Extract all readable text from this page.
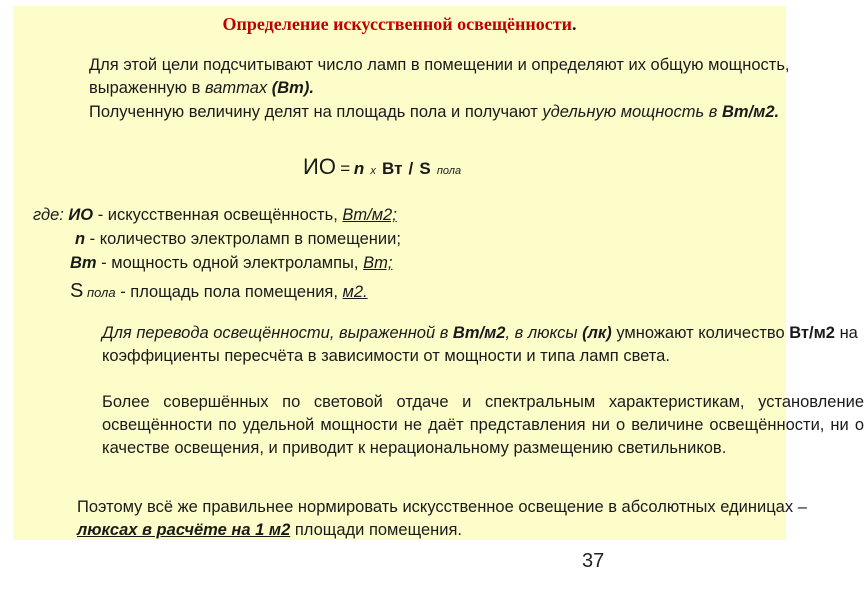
Определение искусственной освещённости.

Для этой цели подсчитывают число ламп в помещении и определяют их общую мощность, выраженную в ваттах (Вт).

Полученную величину делят на площадь пола и получают удельную мощность в Вт/м2.

ИО = n х Вт / S пола
где: ИО - искусственная освещённость, Вт/м2;
n - количество электроламп в помещении;
Вт - мощность одной электролампы, Вт;
S пола - площадь пола помещения, м2.

Для перевода освещённости, выраженной в Вт/м2, в люксы (лк) умножают количество Вт/м2 на коэффициенты пересчёта в зависимости от мощности и типа ламп света.

Более совершённых по световой отдаче и спектральным характеристикам, установление освещённости по удельной мощности не даёт представления ни о величине освещённости, ни о качестве освещения, и приводит к нерациональному размещению светильников.

Поэтому всё же правильнее нормировать искусственное освещение в абсолютных единицах – люксах в расчёте на 1 м2 площади помещения.

37
